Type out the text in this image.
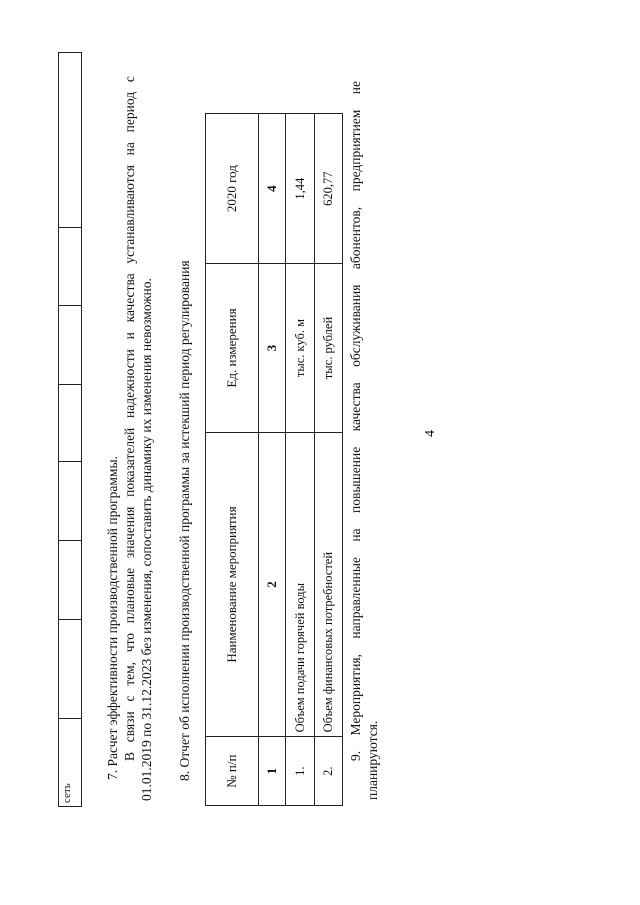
4
сеть							
7. Расчет эффективности производственной программы. В
связи
с
тем,
что
плановые
значения
показателей
надежности
и
качества
устанавливаются
на
период
с
01.01.2019 по 31.12.2023 без изменения, сопоставить динамику их изменения невозможно. 8. Отчет об исполнении производственной программы за истекший период регулирования № п/п	Наименование мероприятия	Ед. измерения	2020 год
1	2	3	4
1.	Объем подачи горячей воды	тыс. куб. м	1,44
2.	Объем финансовых потребностей	тыс. рублей	620,77
9.
Мероприятия,
направленные
на
повышение
качества
обслуживания
абонентов,
предприятием
не
планируются.
